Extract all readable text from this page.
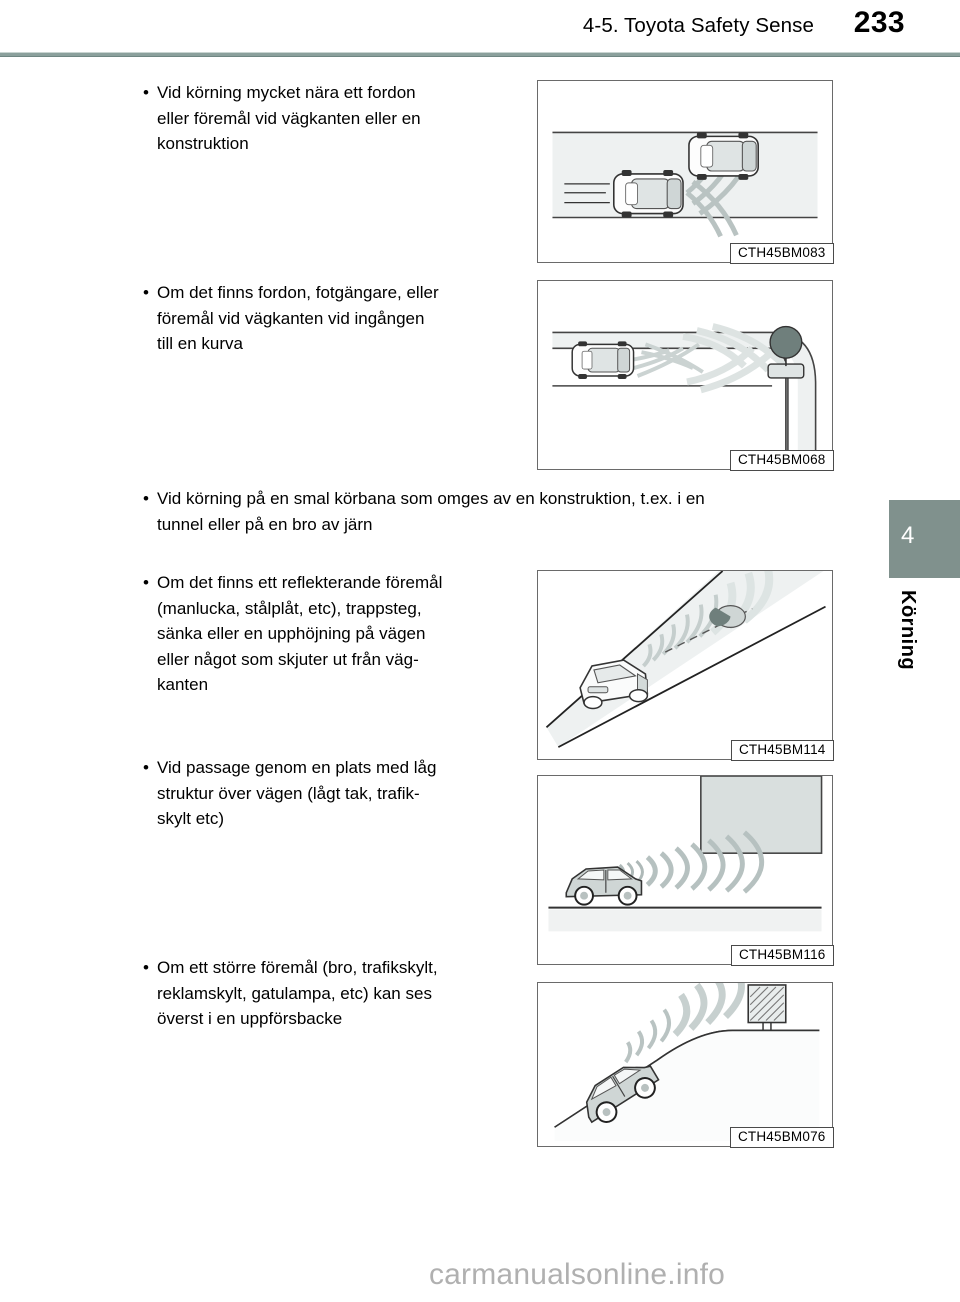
4-5. Toyota Safety Sense 233
4
Körning
• Vid körning mycket nära ett fordon

eller föremål vid vägkanten eller en

konstruktion

CTH45BM083
• Om det finns fordon, fotgängare, eller

föremål vid vägkanten vid ingången

till en kurva

CTH45BM068
• Vid körning på en smal körbana som omges av en konstruktion, t.ex. i en

tunnel eller på en bro av järn

• Om det finns ett reflekterande föremål

(manlucka, stålplåt, etc), trappsteg,

sänka eller en upphöjning på vägen

eller något som skjuter ut från väg-

kanten

CTH45BM114
• Vid passage genom en plats med låg

struktur över vägen (lågt tak, trafik-

skylt etc)

CTH45BM116
• Om ett större föremål (bro, trafikskylt,

reklamskylt, gatulampa, etc) kan ses

överst i en uppförsbacke

CTH45BM076
carmanualsonline.info
